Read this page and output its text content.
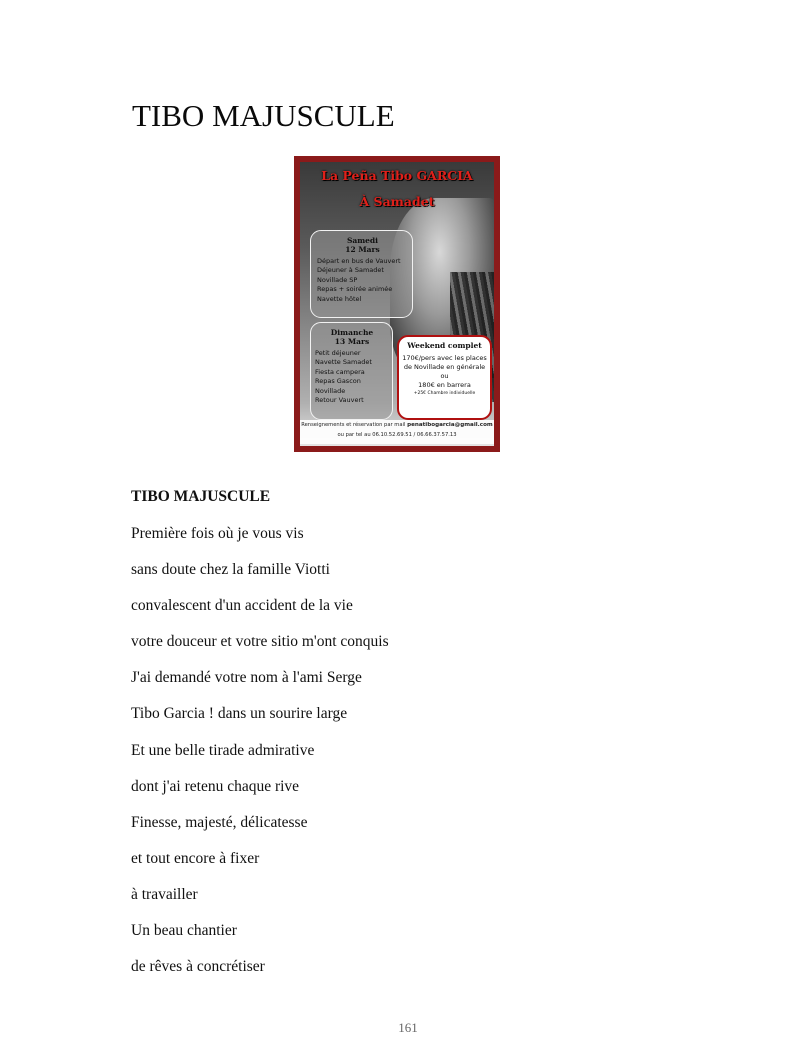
TIBO MAJUSCULE
La Peña Tibo GARCIA
À Samadet
Samedi
12 Mars
Départ en bus de Vauvert
Déjeuner à Samadet
Novillade SP
Repas + soirée animée
Navette hôtel
Dimanche
13 Mars
Petit déjeuner
Navette Samadet
Fiesta campera
Repas Gascon
Novillade
Retour Vauvert
Weekend complet
170€/pers avec les places de Novillade en générale
ou
180€ en barrera
+25€ Chambre individuelle
Renseignements et réservation par mail penatibogarcia@gmail.com
ou par tel au 06.10.52.69.51 / 06.66.37.57.13
TIBO MAJUSCULE
Première fois où je vous vis
sans doute chez la famille Viotti
convalescent d'un accident de la vie
votre douceur et votre sitio m'ont conquis
J'ai demandé votre nom à l'ami Serge
Tibo Garcia ! dans un sourire large
Et une belle tirade admirative
dont j'ai retenu chaque rive
Finesse, majesté, délicatesse
et tout encore à fixer
à travailler
Un beau chantier
de rêves à concrétiser
161
